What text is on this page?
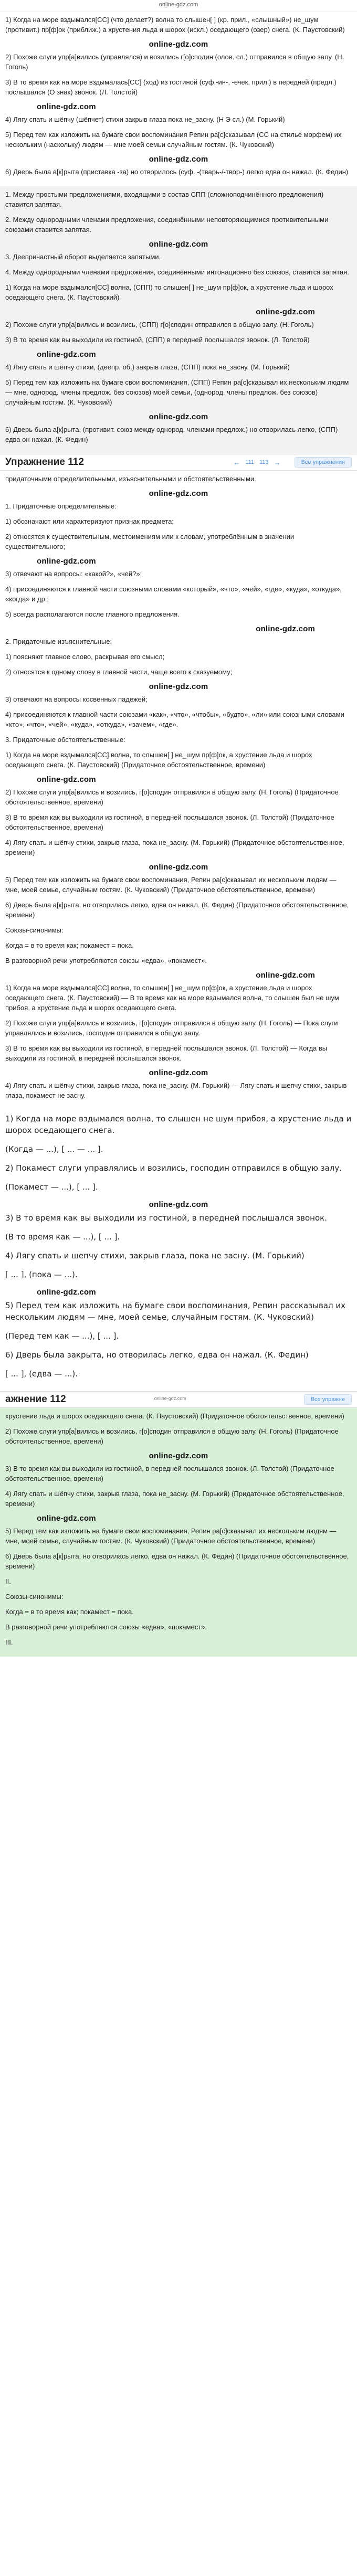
onl̲ine-gdz.com

1) Когда на море вздымался[СС] (что делает?) волна то слышен[ ] (кр. прил., «слышный») не_шум (противит.) пр[ф]ок (приближ.) а хрустения льда и шорох (искл.) оседающего (озер) снега. (К. Паустовский)

online-gdz.com

2) Похоже слуги упр[а]вились (управлялся) и возились г[о]сподин (олов. сл.) отправился в общую залу. (Н. Гоголь)

3) В то время как на море вздымалась[СС] (ход) из гостиной (суф.-ин-, -ечек, прил.) в передней (предл.) послышался (О знак) звонок. (Л. Толстой)

online-gdz.com

4) Лягу спать и шёпчу (шёпчет) стихи закрыв глаза пока не_засну. (Н Э сл.) (М. Горький)

5) Перед тем как изложить на бумаге свои воспоминания Репин ра[с]сказывал (СС на стилье морфем) их нескольким (наскольку) людям — мне моей семьи случайным гостям. (К. Чуковский)

online-gdz.com

6) Дверь была а[к]рыта (приставка -за) но отворилось (суф. -(тварь-/-твор-) легко едва он нажал. (К. Федин)

1. Между простыми предложениями, входящими в состав СПП (сложноподчинённого предложения) ставится запятая.

2. Между однородными членами предложения, соединёнными неповторяющимися противительными союзами ставится запятая.

online-gdz.com

3. Деепричастный оборот выделяется запятыми.

4. Между однородными членами предложения, соединёнными интонационно без союзов, ставится запятая.

1) Когда на море вздымался[СС] волна, (СПП) то слышен[ ] не_шум пр[ф]ок, а хрустение льда и шорох оседающего снега. (К. Паустовский)

online-gdz.com

2) Похоже слуги упр[а]вились и возились, (СПП) г[о]сподин отправился в общую залу. (Н. Гоголь)

3) В то время как вы выходили из гостиной, (СПП) в передней послышался звонок. (Л. Толстой)

online-gdz.com

4) Лягу спать и шёпчу стихи, (деепр. об.) закрыв глаза, (СПП) пока не_засну. (М. Горький)

5) Перед тем как изложить на бумаге свои воспоминания, (СПП) Репин ра[с]сказывал их нескольким людям — мне, однород. члены предлож. без союзов) моей семьи, (однород. члены предлож. без союзов) случайным гостям. (К. Чуковский)

online-gdz.com

6) Дверь была а[к]рыта, (противит. союз между однород. членами предлож.) но отворилась легко, (СПП) едва он нажал. (К. Федин)

Упражнение 112	← 111 113 →	Все упражнения

придаточными определительными, изъяснительными и обстоятельственными.

online-gdz.com

1. Придаточные определительные:

1) обозначают или характеризуют признак предмета;

2) относятся к существительным, местоимениям или к словам, употреблённым в значении существительного;

online-gdz.com

3) отвечают на вопросы: «какой?», «чей?»;

4) присоединяются к главной части союзными словами «который», «что», «чей», «где», «куда», «откуда», «когда» и др.;

5) всегда располагаются после главного предложения.

online-gdz.com

2. Придаточные изъяснительные:

1) поясняют главное слово, раскрывая его смысл;

2) относятся к одному слову в главной части, чаще всего к сказуемому;

online-gdz.com

3) отвечают на вопросы косвенных падежей;

4) присоединяются к главной части союзами «как», «что», «чтобы», «будто», «ли» или союзными словами «кто», «что», «чей», «куда», «откуда», «зачем», «где».

3. Придаточные обстоятельственные:

1) Когда на море вздымался[СС] волна, то слышен[ ] не_шум пр[ф]ок, а хрустение льда и шорох оседающего снега. (К. Паустовский) (Придаточное обстоятельственное, времени)

online-gdz.com

2) Похоже слуги упр[а]вились и возились, г[о]сподин отправился в общую залу. (Н. Гоголь) (Придаточное обстоятельственное, времени)

3) В то время как вы выходили из гостиной, в передней послышался звонок. (Л. Толстой) (Придаточное обстоятельственное, времени)

4) Лягу спать и шёпчу стихи, закрыв глаза, пока не_засну. (М. Горький) (Придаточное обстоятельственное, времени)

online-gdz.com

5) Перед тем как изложить на бумаге свои воспоминания, Репин ра[с]сказывал их нескольким людям — мне, моей семье, случайным гостям. (К. Чуковский) (Придаточное обстоятельственное, времени)

6) Дверь была а[к]рыта, но отворилась легко, едва он нажал. (К. Федин) (Придаточное обстоятельственное, времени)

Союзы-синонимы:

Когда = в то время как; покамест = пока.

В разговорной речи употребляются союзы «едва», «покамест».

online-gdz.com

1) Когда на море вздымался[СС] волна, то слышен[ ] не_шум пр[ф]ок, а хрустение льда и шорох оседающего снега. (К. Паустовский) — В то время как на море вздымался волна, то слышен был не шум прибоя, а хрустение льда и шорох оседающего снега.

2) Похоже слуги упр[а]вились и возились, г[о]сподин отправился в общую залу. (Н. Гоголь) — Пока слуги управлялись и возились, господин отправился в общую залу.

3) В то время как вы выходили из гостиной, в передней послышался звонок. (Л. Толстой) — Когда вы выходили из гостиной, в передней послышался звонок.

online-gdz.com

4) Лягу спать и шёпчу стихи, закрыв глаза, пока не_засну. (М. Горький) — Лягу спать и шепчу стихи, закрыв глаза, покамест не засну.

1) Когда на море вздымался волна, то слышен не шум прибоя, а хрустение льда и шорох оседающего снега.

(Когда — ...), [ ... — ... ].

2) Покамест слуги управлялись и возились, господин отправился в общую залу.

(Покамест — ...), [ ... ].

online-gdz.com

3) В то время как вы выходили из гостиной, в передней послышался звонок.

(В то время как — ...), [ ... ].

4) Лягу спать и шепчу стихи, закрыв глаза, пока не засну. (М. Горький)

[ ... ], (пока — ...).

online-gdz.com

5) Перед тем как изложить на бумаге свои воспоминания, Репин рассказывал их нескольким людям — мне, моей семье, случайным гостям. (К. Чуковский)

(Перед тем как — ...), [ ... ].

6) Дверь была закрыта, но отворилась легко, едва он нажал. (К. Федин)

[ ... ], (едва — ...).

ажнение 112	online-gdz.com	Все упражне

хрустение льда и шорох оседающего снега. (К. Паустовский) (Придаточное обстоятельственное, времени)

2) Похоже слуги упр[а]вились и возились, г[о]сподин отправился в общую залу. (Н. Гоголь) (Придаточное обстоятельственное, времени)

online-gdz.com

3) В то время как вы выходили из гостиной, в передней послышался звонок. (Л. Толстой) (Придаточное обстоятельственное, времени)

4) Лягу спать и шёпчу стихи, закрыв глаза, пока не_засну. (М. Горький) (Придаточное обстоятельственное, времени)

online-gdz.com

5) Перед тем как изложить на бумаге свои воспоминания, Репин ра[с]сказывал их нескольким людям — мне, моей семье, случайным гостям. (К. Чуковский) (Придаточное обстоятельственное, времени)

6) Дверь была а[к]рыта, но отворилась легко, едва он нажал. (К. Федин) (Придаточное обстоятельственное, времени)

II.

Союзы-синонимы:

Когда = в то время как; покамест = пока.

В разговорной речи употребляются союзы «едва», «покамест».

III.
